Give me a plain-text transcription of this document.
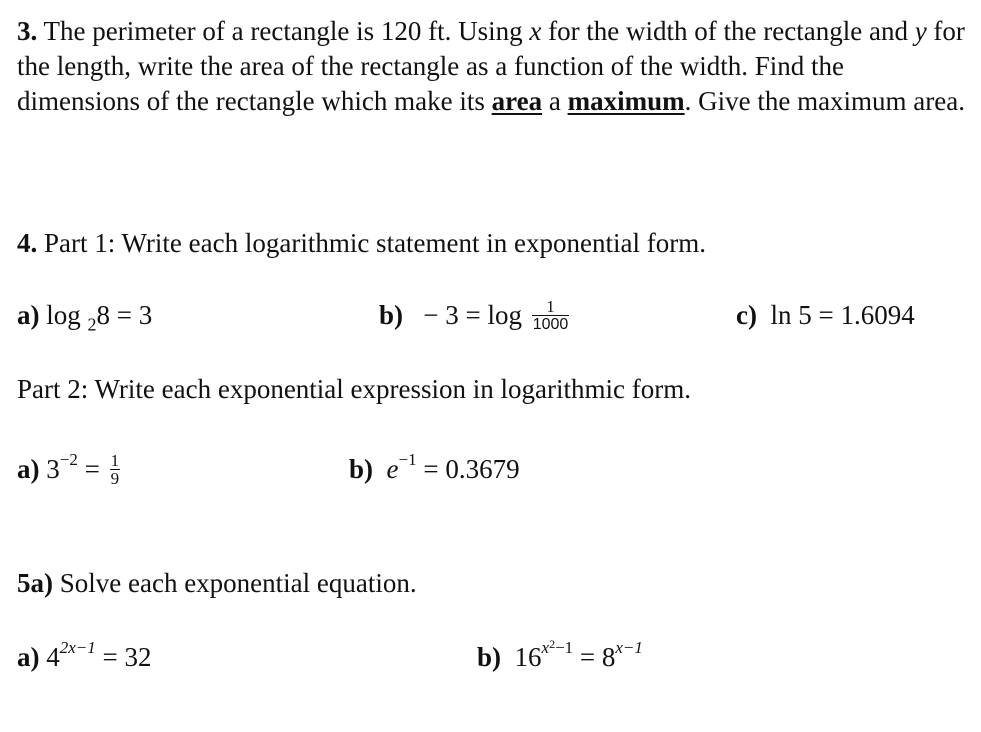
3. The perimeter of a rectangle is 120 ft. Using x for the width of the rectangle and y for the length, write the area of the rectangle as a function of the width. Find the dimensions of the rectangle which make its area a maximum. Give the maximum area.
4. Part 1: Write each logarithmic statement in exponential form.
a) log $_2$8 = 3	$b) - 3 = \log \frac{1}{1000}$	c) ln 5 = 1.6094
Part 2: Write each exponential expression in logarithmic form.
a) $3^{-2} = \frac{1}{9}$	b) $e^{-1} = 0.3679$
5a) Solve each exponential equation.
a) $4^{2x-1} = 32$	b) $16^{x^2-1} = 8^{x-1}$
